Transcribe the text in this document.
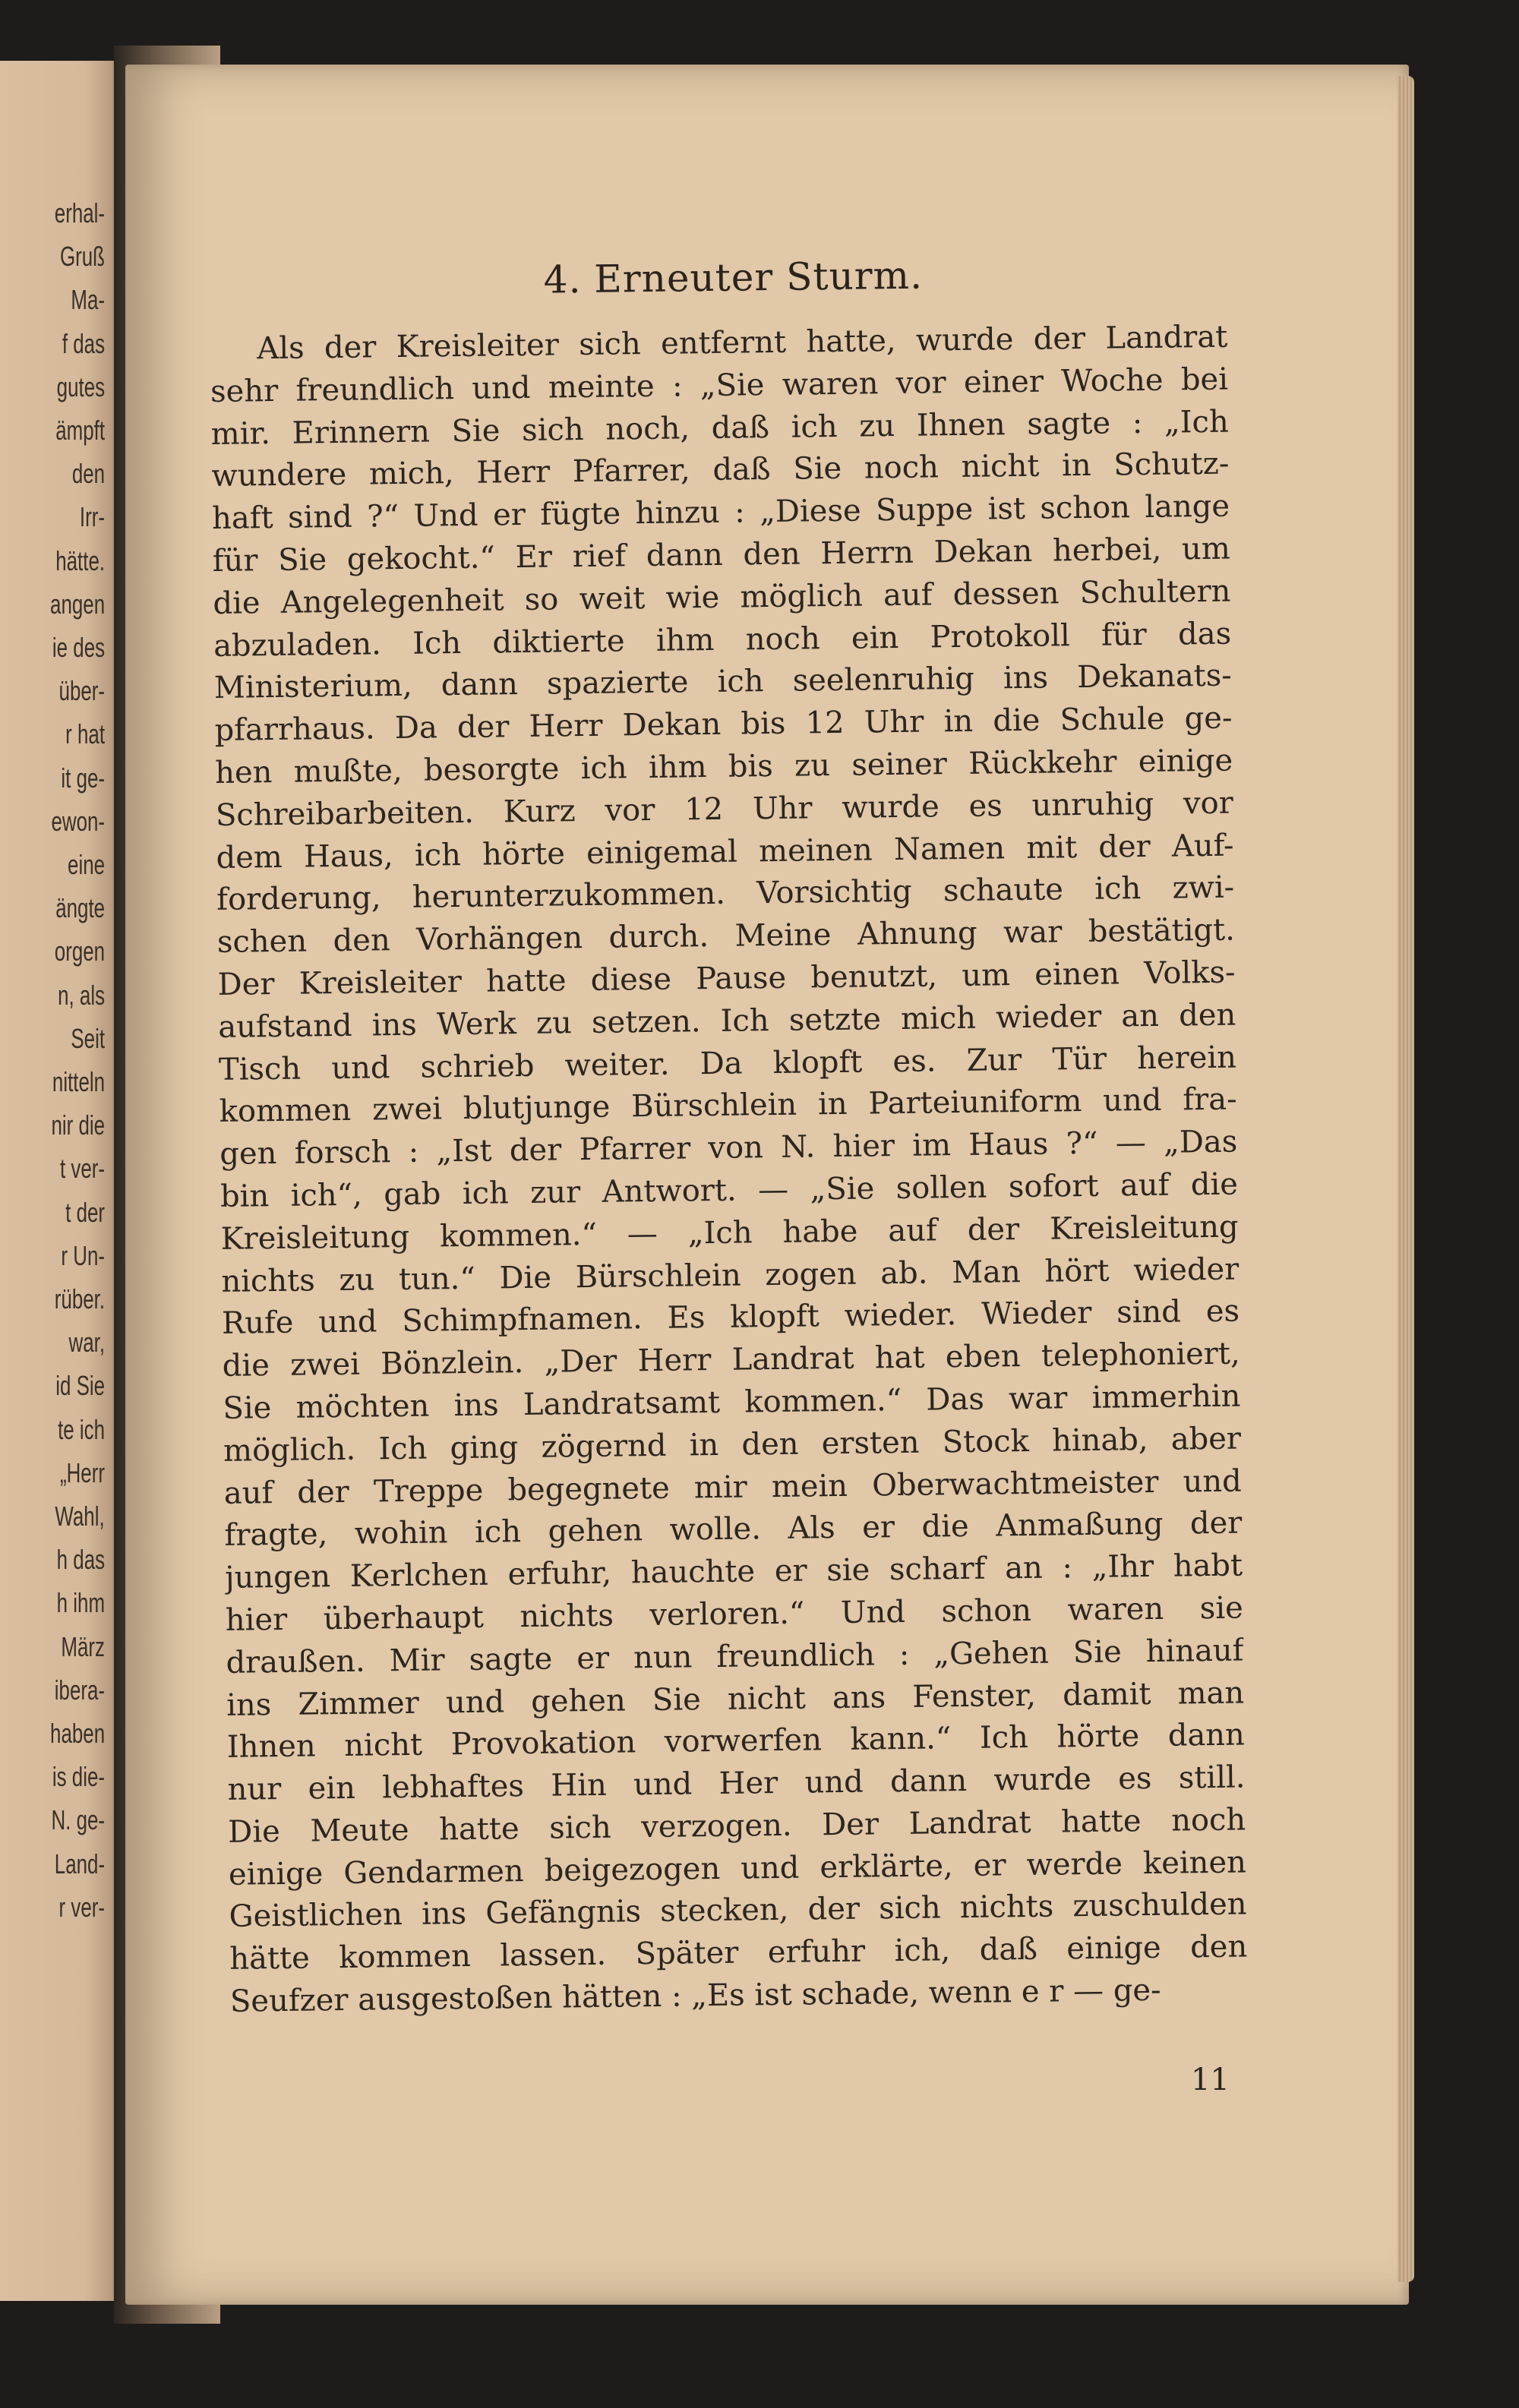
erhal-
Gruß
Ma-
f das
gutes
ämpft
den
Irr-
hätte.
angen
ie des
über-
r hat
it ge-
ewon-
eine
ängte
orgen
n, als
Seit
nitteln
nir die
t ver-
t der
r Un-
rüber.
war,
id Sie
te ich
„Herr
Wahl,
h das
h ihm
März
ibera-
haben
is die-
N. ge-
Land-
r ver-
4. Erneuter Sturm.
Als der Kreisleiter sich entfernt hatte, wurde der Landrat
sehr freundlich und meinte : „Sie waren vor einer Woche bei
mir. Erinnern Sie sich noch, daß ich zu Ihnen sagte : „Ich
wundere mich, Herr Pfarrer, daß Sie noch nicht in Schutz-
haft sind ?“ Und er fügte hinzu : „Diese Suppe ist schon lange
für Sie gekocht.“ Er rief dann den Herrn Dekan herbei, um
die Angelegenheit so weit wie möglich auf dessen Schultern
abzuladen. Ich diktierte ihm noch ein Protokoll für das
Ministerium, dann spazierte ich seelenruhig ins Dekanats-
pfarrhaus. Da der Herr Dekan bis 12 Uhr in die Schule ge-
hen mußte, besorgte ich ihm bis zu seiner Rückkehr einige
Schreibarbeiten. Kurz vor 12 Uhr wurde es unruhig vor
dem Haus, ich hörte einigemal meinen Namen mit der Auf-
forderung, herunterzukommen. Vorsichtig schaute ich zwi-
schen den Vorhängen durch. Meine Ahnung war bestätigt.
Der Kreisleiter hatte diese Pause benutzt, um einen Volks-
aufstand ins Werk zu setzen. Ich setzte mich wieder an den
Tisch und schrieb weiter. Da klopft es. Zur Tür herein
kommen zwei blutjunge Bürschlein in Parteiuniform und fra-
gen forsch : „Ist der Pfarrer von N. hier im Haus ?“ — „Das
bin ich“, gab ich zur Antwort. — „Sie sollen sofort auf die
Kreisleitung kommen.“ — „Ich habe auf der Kreisleitung
nichts zu tun.“ Die Bürschlein zogen ab. Man hört wieder
Rufe und Schimpfnamen. Es klopft wieder. Wieder sind es
die zwei Bönzlein. „Der Herr Landrat hat eben telephoniert,
Sie möchten ins Landratsamt kommen.“ Das war immerhin
möglich. Ich ging zögernd in den ersten Stock hinab, aber
auf der Treppe begegnete mir mein Oberwachtmeister und
fragte, wohin ich gehen wolle. Als er die Anmaßung der
jungen Kerlchen erfuhr, hauchte er sie scharf an : „Ihr habt
hier überhaupt nichts verloren.“ Und schon waren sie
draußen. Mir sagte er nun freundlich : „Gehen Sie hinauf
ins Zimmer und gehen Sie nicht ans Fenster, damit man
Ihnen nicht Provokation vorwerfen kann.“ Ich hörte dann
nur ein lebhaftes Hin und Her und dann wurde es still.
Die Meute hatte sich verzogen. Der Landrat hatte noch
einige Gendarmen beigezogen und erklärte, er werde keinen
Geistlichen ins Gefängnis stecken, der sich nichts zuschulden
hätte kommen lassen. Später erfuhr ich, daß einige den
Seufzer ausgestoßen hätten : „Es ist schade, wenn e r — ge-
11
